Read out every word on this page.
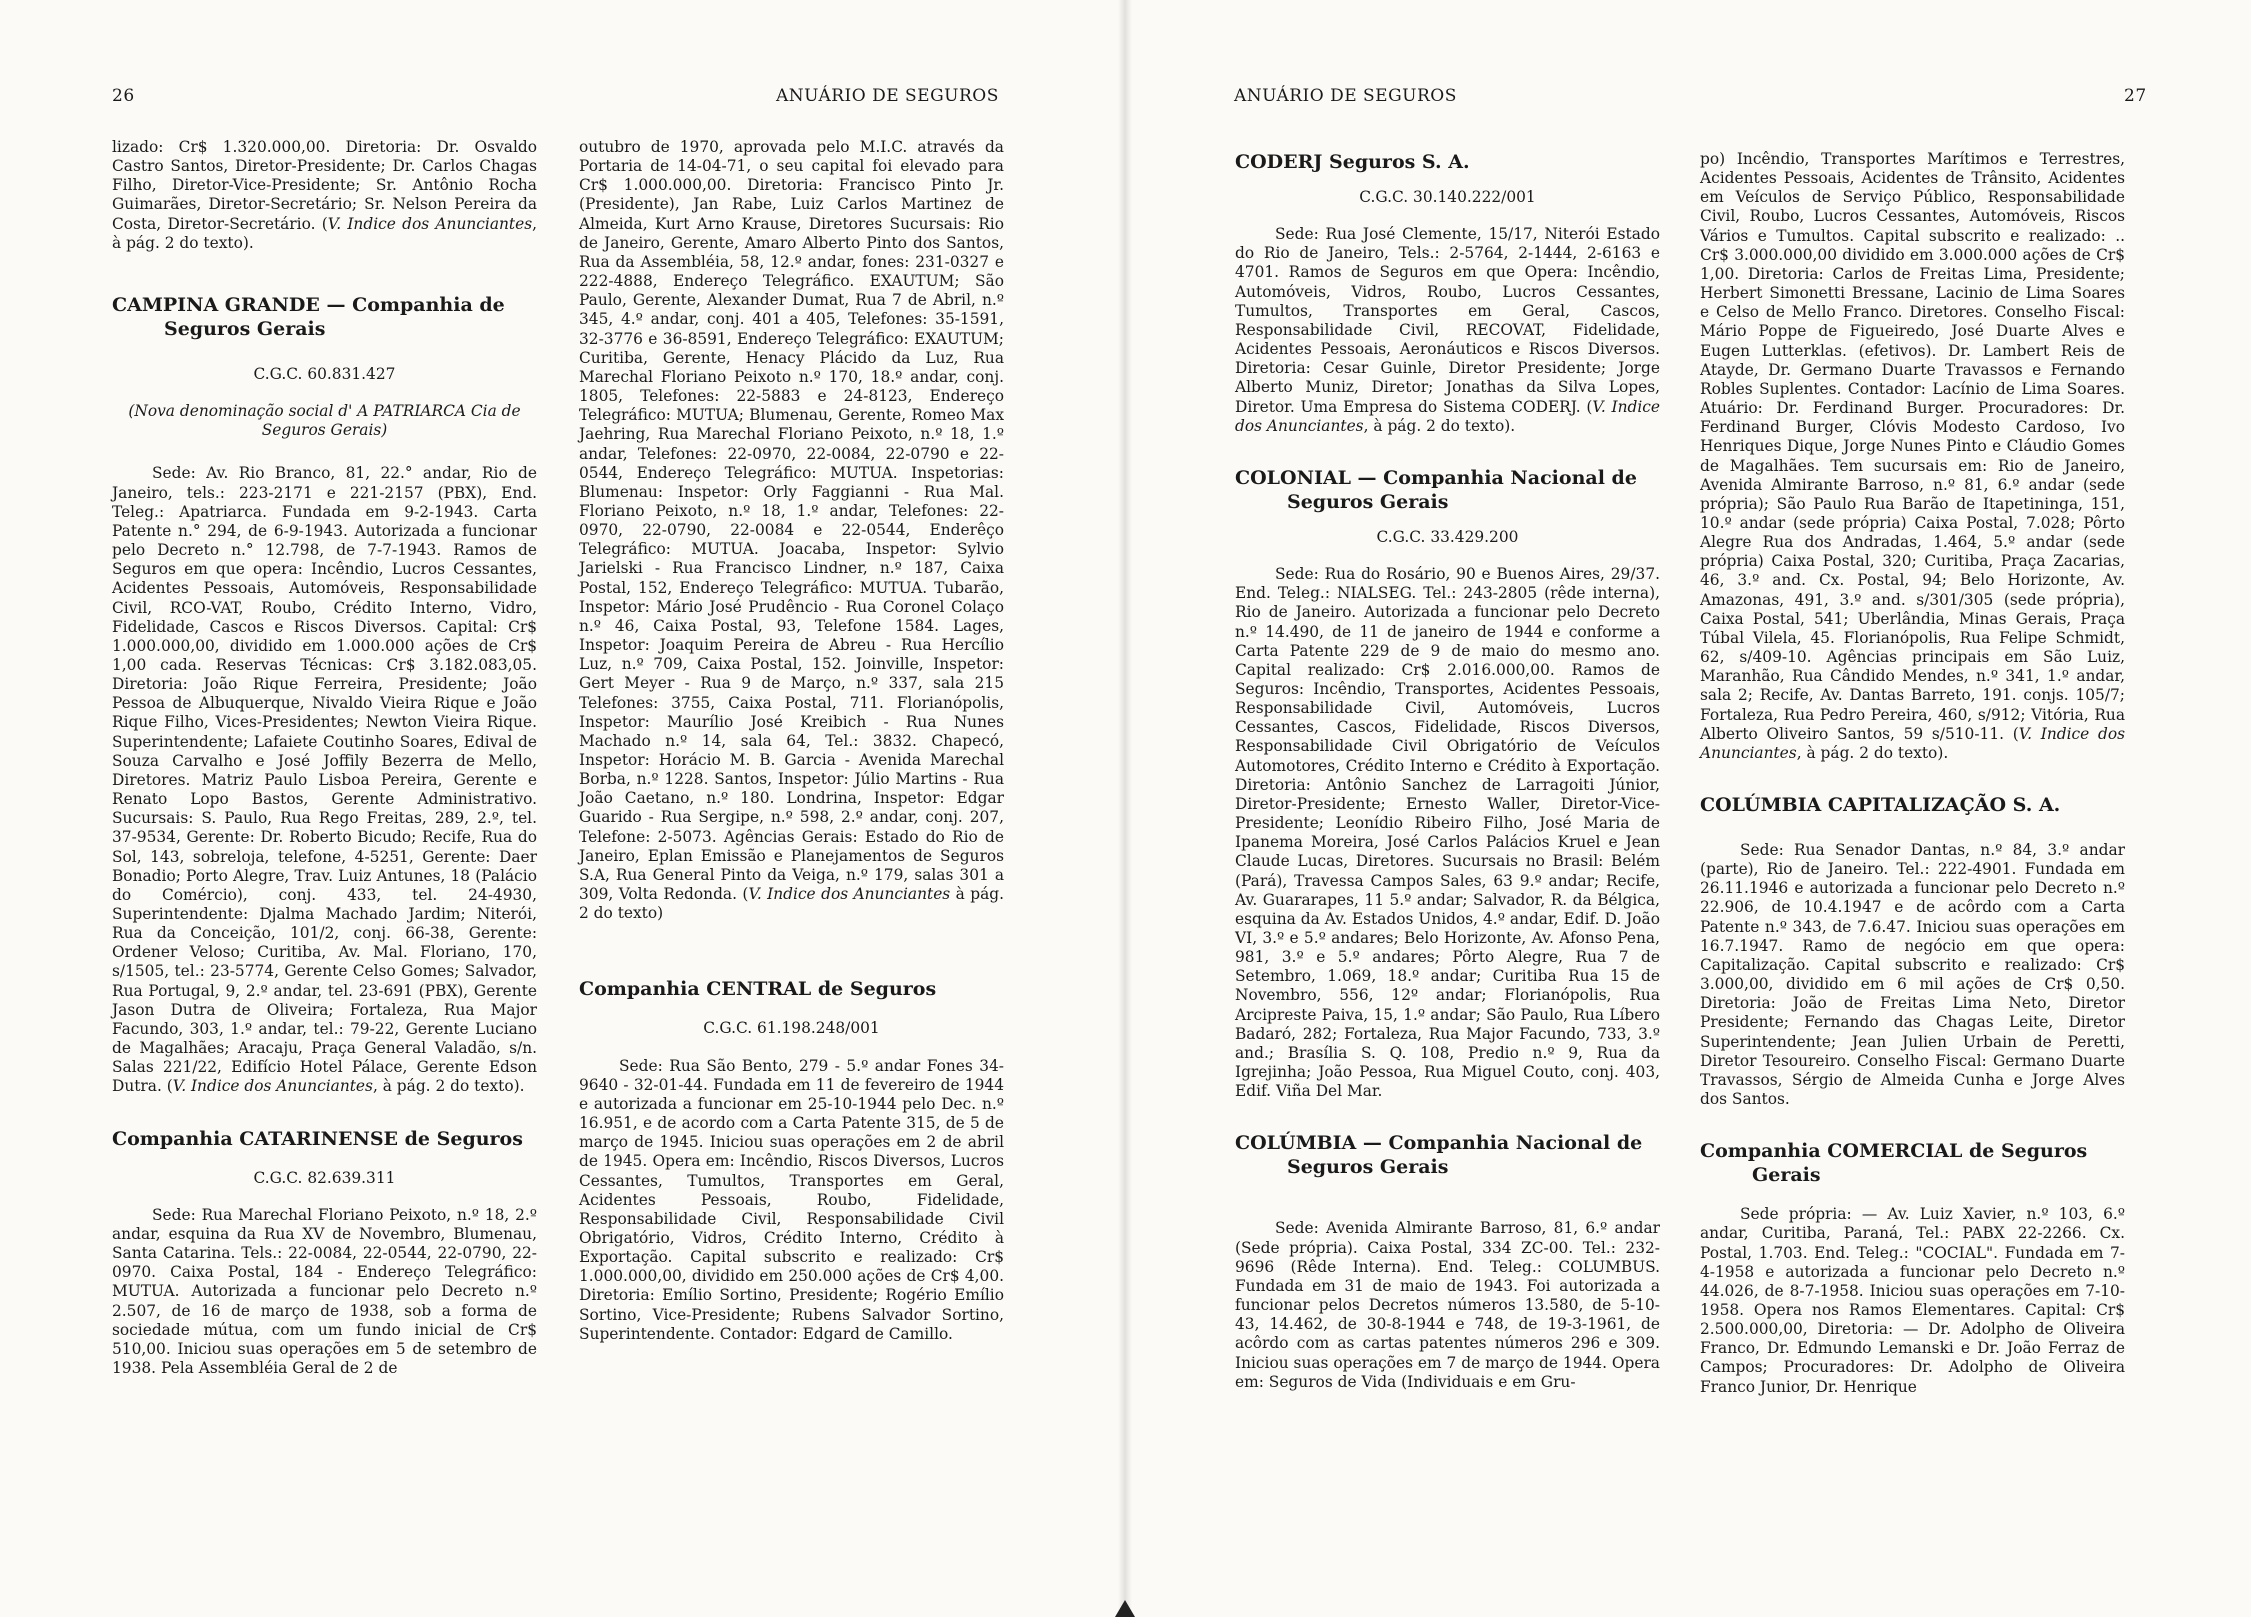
26	ANUÁRIO DE SEGUROS

lizado: Cr$ 1.320.000,00. Diretoria: Dr. Osvaldo Castro Santos, Diretor-Presidente; Dr. Carlos Chagas Filho, Diretor-Vice-Presidente; Sr. Antônio Rocha Guimarães, Diretor-Secretário; Sr. Nelson Pereira da Costa, Diretor-Secretário. (V. Indice dos Anunciantes, à pág. 2 do texto).

CAMPINA GRANDE — Companhia de Seguros Gerais

C.G.C. 60.831.427

(Nova denominação social d' A PATRIARCA Cia de Seguros Gerais)

Sede: Av. Rio Branco, 81, 22.° andar, Rio de Janeiro, tels.: 223-2171 e 221-2157 (PBX), End. Teleg.: Apatriarca. Fundada em 9-2-1943. Carta Patente n.° 294, de 6-9-1943. Autorizada a funcionar pelo Decreto n.° 12.798, de 7-7-1943. Ramos de Seguros em que opera: Incêndio, Lucros Cessantes, Acidentes Pessoais, Automóveis, Responsabilidade Civil, RCO-VAT, Roubo, Crédito Interno, Vidro, Fidelidade, Cascos e Riscos Diversos. Capital: Cr$ 1.000.000,00, dividido em 1.000.000 ações de Cr$ 1,00 cada. Reservas Técnicas: Cr$ 3.182.083,05. Diretoria: João Rique Ferreira, Presidente; João Pessoa de Albuquerque, Nivaldo Vieira Rique e João Rique Filho, Vices-Presidentes; Newton Vieira Rique. Superintendente; Lafaiete Coutinho Soares, Edival de Souza Carvalho e José Joffily Bezerra de Mello, Diretores. Matriz Paulo Lisboa Pereira, Gerente e Renato Lopo Bastos, Gerente Administrativo. Sucursais: S. Paulo, Rua Rego Freitas, 289, 2.º, tel. 37-9534, Gerente: Dr. Roberto Bicudo; Recife, Rua do Sol, 143, sobreloja, telefone, 4-5251, Gerente: Daer Bonadio; Porto Alegre, Trav. Luiz Antunes, 18 (Palácio do Comércio), conj. 433, tel. 24-4930, Superintendente: Djalma Machado Jardim; Niterói, Rua da Conceição, 101/2, conj. 66-38, Gerente: Ordener Veloso; Curitiba, Av. Mal. Floriano, 170, s/1505, tel.: 23-5774, Gerente Celso Gomes; Salvador, Rua Portugal, 9, 2.º andar, tel. 23-691 (PBX), Gerente Jason Dutra de Oliveira; Fortaleza, Rua Major Facundo, 303, 1.º andar, tel.: 79-22, Gerente Luciano de Magalhães; Aracaju, Praça General Valadão, s/n. Salas 221/22, Edifício Hotel Pálace, Gerente Edson Dutra. (V. Indice dos Anunciantes, à pág. 2 do texto).

Companhia CATARINENSE de Seguros

C.G.C. 82.639.311

Sede: Rua Marechal Floriano Peixoto, n.º 18, 2.º andar, esquina da Rua XV de Novembro, Blumenau, Santa Catarina. Tels.: 22-0084, 22-0544, 22-0790, 22-0970. Caixa Postal, 184 - Endereço Telegráfico: MUTUA. Autorizada a funcionar pelo Decreto n.º 2.507, de 16 de março de 1938, sob a forma de sociedade mútua, com um fundo inicial de Cr$ 510,00. Iniciou suas operações em 5 de setembro de 1938. Pela Assembléia Geral de 2 de

outubro de 1970, aprovada pelo M.I.C. através da Portaria de 14-04-71, o seu capital foi elevado para Cr$ 1.000.000,00. Diretoria: Francisco Pinto Jr. (Presidente), Jan Rabe, Luiz Carlos Martinez de Almeida, Kurt Arno Krause, Diretores Sucursais: Rio de Janeiro, Gerente, Amaro Alberto Pinto dos Santos, Rua da Assembléia, 58, 12.º andar, fones: 231-0327 e 222-4888, Endereço Telegráfico. EXAUTUM; São Paulo, Gerente, Alexander Dumat, Rua 7 de Abril, n.º 345, 4.º andar, conj. 401 a 405, Telefones: 35-1591, 32-3776 e 36-8591, Endereço Telegráfico: EXAUTUM; Curitiba, Gerente, Henacy Plácido da Luz, Rua Marechal Floriano Peixoto n.º 170, 18.º andar, conj. 1805, Telefones: 22-5883 e 24-8123, Endereço Telegráfico: MUTUA; Blumenau, Gerente, Romeo Max Jaehring, Rua Marechal Floriano Peixoto, n.º 18, 1.º andar, Telefones: 22-0970, 22-0084, 22-0790 e 22-0544, Endereço Telegráfico: MUTUA. Inspetorias: Blumenau: Inspetor: Orly Faggianni - Rua Mal. Floriano Peixoto, n.º 18, 1.º andar, Telefones: 22-0970, 22-0790, 22-0084 e 22-0544, Enderêço Telegráfico: MUTUA. Joacaba, Inspetor: Sylvio Jarielski - Rua Francisco Lindner, n.º 187, Caixa Postal, 152, Endereço Telegráfico: MUTUA. Tubarão, Inspetor: Mário José Prudêncio - Rua Coronel Colaço n.º 46, Caixa Postal, 93, Telefone 1584. Lages, Inspetor: Joaquim Pereira de Abreu - Rua Hercílio Luz, n.º 709, Caixa Postal, 152. Joinville, Inspetor: Gert Meyer - Rua 9 de Março, n.º 337, sala 215 Telefones: 3755, Caixa Postal, 711. Florianópolis, Inspetor: Maurílio José Kreibich - Rua Nunes Machado n.º 14, sala 64, Tel.: 3832. Chapecó, Inspetor: Horácio M. B. Garcia - Avenida Marechal Borba, n.º 1228. Santos, Inspetor: Júlio Martins - Rua João Caetano, n.º 180. Londrina, Inspetor: Edgar Guarido - Rua Sergipe, n.º 598, 2.º andar, conj. 207, Telefone: 2-5073. Agências Gerais: Estado do Rio de Janeiro, Eplan Emissão e Planejamentos de Seguros S.A, Rua General Pinto da Veiga, n.º 179, salas 301 a 309, Volta Redonda. (V. Indice dos Anunciantes à pág. 2 do texto)

Companhia CENTRAL de Seguros

C.G.C. 61.198.248/001

Sede: Rua São Bento, 279 - 5.º andar Fones 34-9640 - 32-01-44. Fundada em 11 de fevereiro de 1944 e autorizada a funcionar em 25-10-1944 pelo Dec. n.º 16.951, e de acordo com a Carta Patente 315, de 5 de março de 1945. Iniciou suas operações em 2 de abril de 1945. Opera em: Incêndio, Riscos Diversos, Lucros Cessantes, Tumultos, Transportes em Geral, Acidentes Pessoais, Roubo, Fidelidade, Responsabilidade Civil, Responsabilidade Civil Obrigatório, Vidros, Crédito Interno, Crédito à Exportação. Capital subscrito e realizado: Cr$ 1.000.000,00, dividido em 250.000 ações de Cr$ 4,00. Diretoria: Emílio Sortino, Presidente; Rogério Emílio Sortino, Vice-Presidente; Rubens Salvador Sortino, Superintendente. Contador: Edgard de Camillo.

ANUÁRIO DE SEGUROS	27
CODERJ Seguros S. A.

C.G.C. 30.140.222/001

Sede: Rua José Clemente, 15/17, Niterói Estado do Rio de Janeiro, Tels.: 2-5764, 2-1444, 2-6163 e 4701. Ramos de Seguros em que Opera: Incêndio, Automóveis, Vidros, Roubo, Lucros Cessantes, Tumultos, Transportes em Geral, Cascos, Responsabilidade Civil, RECOVAT, Fidelidade, Acidentes Pessoais, Aeronáuticos e Riscos Diversos. Diretoria: Cesar Guinle, Diretor Presidente; Jorge Alberto Muniz, Diretor; Jonathas da Silva Lopes, Diretor. Uma Empresa do Sistema CODERJ. (V. Indice dos Anunciantes, à pág. 2 do texto).

COLONIAL — Companhia Nacional de Seguros Gerais

C.G.C. 33.429.200

Sede: Rua do Rosário, 90 e Buenos Aires, 29/37. End. Teleg.: NIALSEG. Tel.: 243-2805 (rêde interna), Rio de Janeiro. Autorizada a funcionar pelo Decreto n.º 14.490, de 11 de janeiro de 1944 e conforme a Carta Patente 229 de 9 de maio do mesmo ano. Capital realizado: Cr$ 2.016.000,00. Ramos de Seguros: Incêndio, Transportes, Acidentes Pessoais, Responsabilidade Civil, Automóveis, Lucros Cessantes, Cascos, Fidelidade, Riscos Diversos, Responsabilidade Civil Obrigatório de Veículos Automotores, Crédito Interno e Crédito à Exportação. Diretoria: Antônio Sanchez de Larragoiti Júnior, Diretor-Presidente; Ernesto Waller, Diretor-Vice-Presidente; Leonídio Ribeiro Filho, José Maria de Ipanema Moreira, José Carlos Palácios Kruel e Jean Claude Lucas, Diretores. Sucursais no Brasil: Belém (Pará), Travessa Campos Sales, 63 9.º andar; Recife, Av. Guararapes, 11 5.º andar; Salvador, R. da Bélgica, esquina da Av. Estados Unidos, 4.º andar, Edif. D. João VI, 3.º e 5.º andares; Belo Horizonte, Av. Afonso Pena, 981, 3.º e 5.º andares; Pôrto Alegre, Rua 7 de Setembro, 1.069, 18.º andar; Curitiba Rua 15 de Novembro, 556, 12º andar; Florianópolis, Rua Arcipreste Paiva, 15, 1.º andar; São Paulo, Rua Líbero Badaró, 282; Fortaleza, Rua Major Facundo, 733, 3.º and.; Brasília S. Q. 108, Predio n.º 9, Rua da Igrejinha; João Pessoa, Rua Miguel Couto, conj. 403, Edif. Viña Del Mar.

COLÚMBIA — Companhia Nacional de Seguros Gerais

Sede: Avenida Almirante Barroso, 81, 6.º andar (Sede própria). Caixa Postal, 334 ZC-00. Tel.: 232-9696 (Rêde Interna). End. Teleg.: COLUMBUS. Fundada em 31 de maio de 1943. Foi autorizada a funcionar pelos Decretos números 13.580, de 5-10-43, 14.462, de 30-8-1944 e 748, de 19-3-1961, de acôrdo com as cartas patentes números 296 e 309. Iniciou suas operações em 7 de março de 1944. Opera em: Seguros de Vida (Individuais e em Gru-

po) Incêndio, Transportes Marítimos e Terrestres, Acidentes Pessoais, Acidentes de Trânsito, Acidentes em Veículos de Serviço Público, Responsabilidade Civil, Roubo, Lucros Cessantes, Automóveis, Riscos Vários e Tumultos. Capital subscrito e realizado: .. Cr$ 3.000.000,00 dividido em 3.000.000 ações de Cr$ 1,00. Diretoria: Carlos de Freitas Lima, Presidente; Herbert Simonetti Bressane, Lacinio de Lima Soares e Celso de Mello Franco. Diretores. Conselho Fiscal: Mário Poppe de Figueiredo, José Duarte Alves e Eugen Lutterklas. (efetivos). Dr. Lambert Reis de Atayde, Dr. Germano Duarte Travassos e Fernando Robles Suplentes. Contador: Lacínio de Lima Soares. Atuário: Dr. Ferdinand Burger. Procuradores: Dr. Ferdinand Burger, Clóvis Modesto Cardoso, Ivo Henriques Dique, Jorge Nunes Pinto e Cláudio Gomes de Magalhães. Tem sucursais em: Rio de Janeiro, Avenida Almirante Barroso, n.º 81, 6.º andar (sede própria); São Paulo Rua Barão de Itapetininga, 151, 10.º andar (sede própria) Caixa Postal, 7.028; Pôrto Alegre Rua dos Andradas, 1.464, 5.º andar (sede própria) Caixa Postal, 320; Curitiba, Praça Zacarias, 46, 3.º and. Cx. Postal, 94; Belo Horizonte, Av. Amazonas, 491, 3.º and. s/301/305 (sede própria), Caixa Postal, 541; Uberlândia, Minas Gerais, Praça Túbal Vilela, 45. Florianópolis, Rua Felipe Schmidt, 62, s/409-10. Agências principais em São Luiz, Maranhão, Rua Cândido Mendes, n.º 341, 1.º andar, sala 2; Recife, Av. Dantas Barreto, 191. conjs. 105/7; Fortaleza, Rua Pedro Pereira, 460, s/912; Vitória, Rua Alberto Oliveiro Santos, 59 s/510-11. (V. Indice dos Anunciantes, à pág. 2 do texto).

COLÚMBIA CAPITALIZAÇÃO S. A.

Sede: Rua Senador Dantas, n.º 84, 3.º andar (parte), Rio de Janeiro. Tel.: 222-4901. Fundada em 26.11.1946 e autorizada a funcionar pelo Decreto n.º 22.906, de 10.4.1947 e de acôrdo com a Carta Patente n.º 343, de 7.6.47. Iniciou suas operações em 16.7.1947. Ramo de negócio em que opera: Capitalização. Capital subscrito e realizado: Cr$ 3.000,00, dividido em 6 mil ações de Cr$ 0,50. Diretoria: João de Freitas Lima Neto, Diretor Presidente; Fernando das Chagas Leite, Diretor Superintendente; Jean Julien Urbain de Peretti, Diretor Tesoureiro. Conselho Fiscal: Germano Duarte Travassos, Sérgio de Almeida Cunha e Jorge Alves dos Santos.

Companhia COMERCIAL de Seguros Gerais

Sede própria: — Av. Luiz Xavier, n.º 103, 6.º andar, Curitiba, Paraná, Tel.: PABX 22-2266. Cx. Postal, 1.703. End. Teleg.: "COCIAL". Fundada em 7-4-1958 e autorizada a funcionar pelo Decreto n.º 44.026, de 8-7-1958. Iniciou suas operações em 7-10-1958. Opera nos Ramos Elementares. Capital: Cr$ 2.500.000,00, Diretoria: — Dr. Adolpho de Oliveira Franco, Dr. Edmundo Lemanski e Dr. João Ferraz de Campos; Procuradores: Dr. Adolpho de Oliveira Franco Junior, Dr. Henrique
